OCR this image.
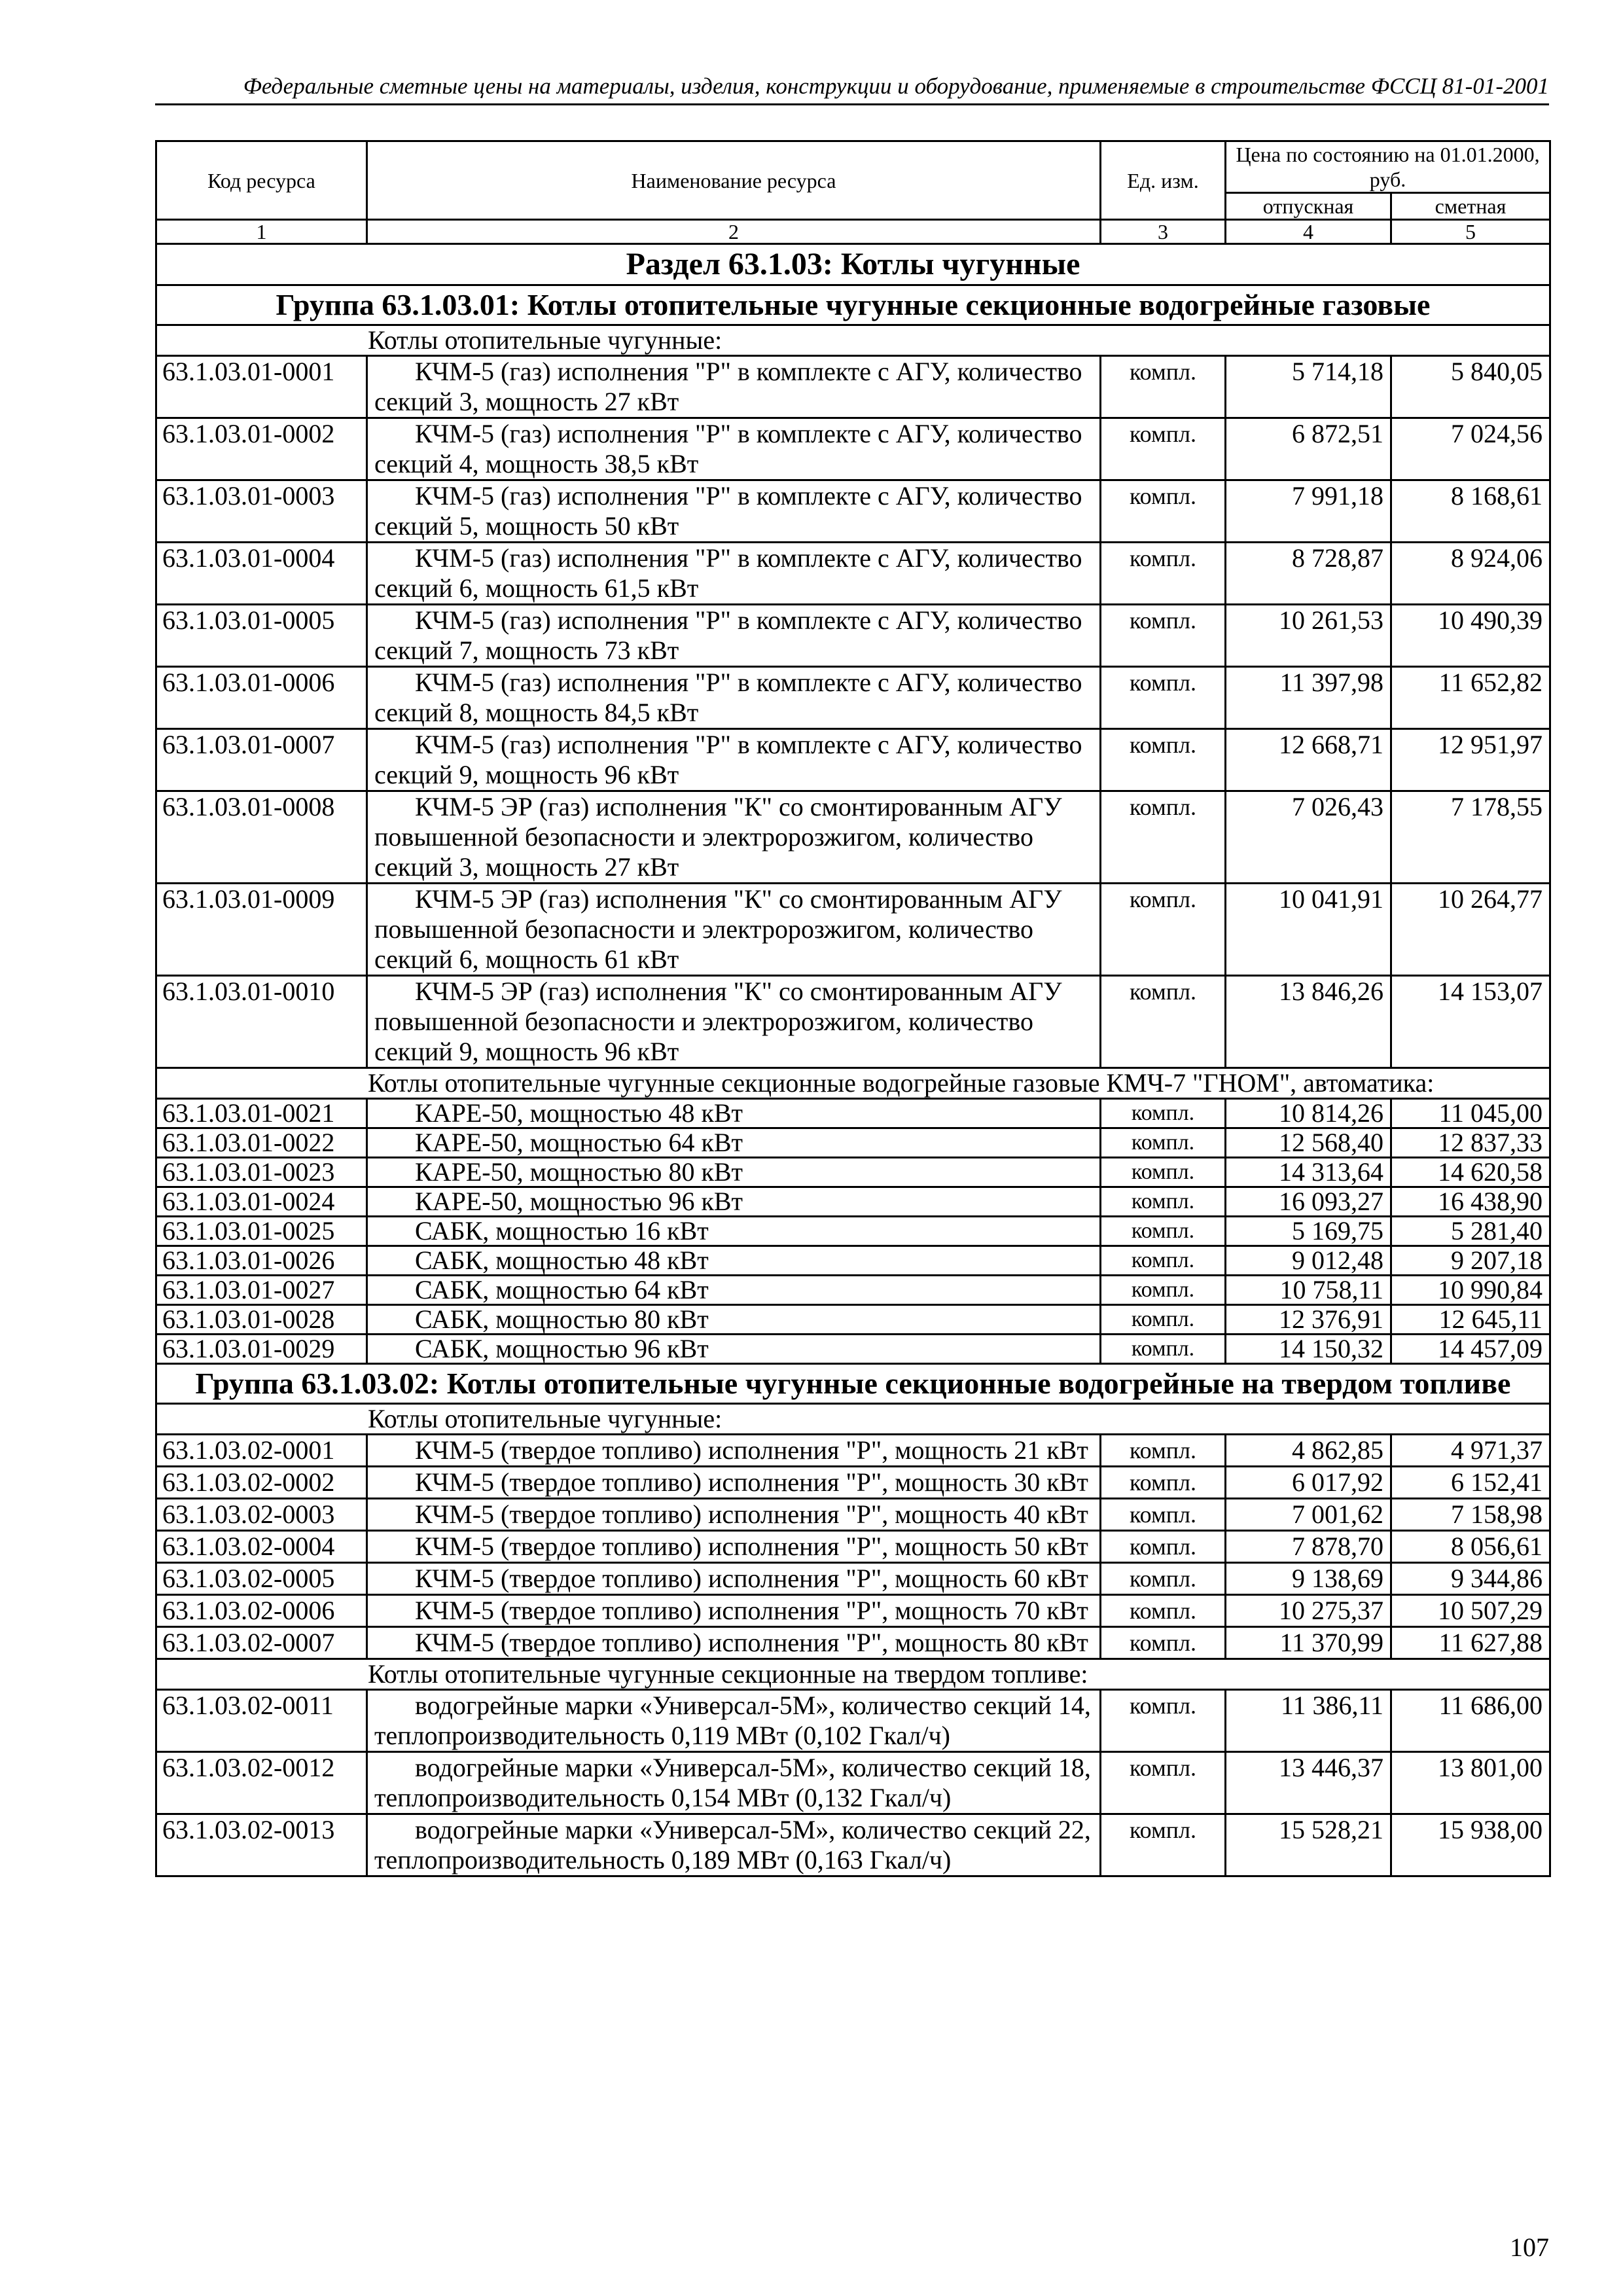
Федеральные сметные цены на материалы, изделия, конструкции и оборудование, применяемые в строительстве ФССЦ 81-01-2001
Код ресурса	Наименование ресурса	Ед. изм.	Цена по состоянию на 01.01.2000, руб.	
			отпускная	сметная
1	2	3	4	5
Раздел 63.1.03: Котлы чугунные				
Группа 63.1.03.01: Котлы отопительные чугунные секционные водогрейные газовые				
Котлы отопительные чугунные:				
63.1.03.01-0001	КЧМ-5 (газ) исполнения "Р" в комплекте с АГУ, количество секций 3, мощность 27 кВт	компл.	5 714,18	5 840,05
63.1.03.01-0002	КЧМ-5 (газ) исполнения "Р" в комплекте с АГУ, количество секций 4, мощность 38,5 кВт	компл.	6 872,51	7 024,56
63.1.03.01-0003	КЧМ-5 (газ) исполнения "Р" в комплекте с АГУ, количество секций 5, мощность 50 кВт	компл.	7 991,18	8 168,61
63.1.03.01-0004	КЧМ-5 (газ) исполнения "Р" в комплекте с АГУ, количество секций 6, мощность 61,5 кВт	компл.	8 728,87	8 924,06
63.1.03.01-0005	КЧМ-5 (газ) исполнения "Р" в комплекте с АГУ, количество секций 7, мощность 73 кВт	компл.	10 261,53	10 490,39
63.1.03.01-0006	КЧМ-5 (газ) исполнения "Р" в комплекте с АГУ, количество секций 8, мощность 84,5 кВт	компл.	11 397,98	11 652,82
63.1.03.01-0007	КЧМ-5 (газ) исполнения "Р" в комплекте с АГУ, количество секций 9, мощность 96 кВт	компл.	12 668,71	12 951,97
63.1.03.01-0008	КЧМ-5 ЭР (газ) исполнения "К" со смонтированным АГУ повышенной безопасности и электророзжигом, количество секций 3, мощность 27 кВт	компл.	7 026,43	7 178,55
63.1.03.01-0009	КЧМ-5 ЭР (газ) исполнения "К" со смонтированным АГУ повышенной безопасности и электророзжигом, количество секций 6, мощность 61 кВт	компл.	10 041,91	10 264,77
63.1.03.01-0010	КЧМ-5 ЭР (газ) исполнения "К" со смонтированным АГУ повышенной безопасности и электророзжигом, количество секций 9, мощность 96 кВт	компл.	13 846,26	14 153,07
Котлы отопительные чугунные секционные водогрейные газовые КМЧ-7 "ГНОМ", автоматика:				
63.1.03.01-0021	КАРЕ-50, мощностью 48 кВт	компл.	10 814,26	11 045,00
63.1.03.01-0022	КАРЕ-50, мощностью 64 кВт	компл.	12 568,40	12 837,33
63.1.03.01-0023	КАРЕ-50, мощностью 80 кВт	компл.	14 313,64	14 620,58
63.1.03.01-0024	КАРЕ-50, мощностью 96 кВт	компл.	16 093,27	16 438,90
63.1.03.01-0025	САБК, мощностью 16 кВт	компл.	5 169,75	5 281,40
63.1.03.01-0026	САБК, мощностью 48 кВт	компл.	9 012,48	9 207,18
63.1.03.01-0027	САБК, мощностью 64 кВт	компл.	10 758,11	10 990,84
63.1.03.01-0028	САБК, мощностью 80 кВт	компл.	12 376,91	12 645,11
63.1.03.01-0029	САБК, мощностью 96 кВт	компл.	14 150,32	14 457,09
Группа 63.1.03.02: Котлы отопительные чугунные секционные водогрейные на твердом топливе				
Котлы отопительные чугунные:				
63.1.03.02-0001	КЧМ-5 (твердое топливо) исполнения "Р", мощность 21 кВт	компл.	4 862,85	4 971,37
63.1.03.02-0002	КЧМ-5 (твердое топливо) исполнения "Р", мощность 30 кВт	компл.	6 017,92	6 152,41
63.1.03.02-0003	КЧМ-5 (твердое топливо) исполнения "Р", мощность 40 кВт	компл.	7 001,62	7 158,98
63.1.03.02-0004	КЧМ-5 (твердое топливо) исполнения "Р", мощность 50 кВт	компл.	7 878,70	8 056,61
63.1.03.02-0005	КЧМ-5 (твердое топливо) исполнения "Р", мощность 60 кВт	компл.	9 138,69	9 344,86
63.1.03.02-0006	КЧМ-5 (твердое топливо) исполнения "Р", мощность 70 кВт	компл.	10 275,37	10 507,29
63.1.03.02-0007	КЧМ-5 (твердое топливо) исполнения "Р", мощность 80 кВт	компл.	11 370,99	11 627,88
Котлы отопительные чугунные секционные на твердом топливе:				
63.1.03.02-0011	водогрейные марки «Универсал-5М», количество секций 14, теплопроизводительность 0,119 МВт (0,102 Гкал/ч)	компл.	11 386,11	11 686,00
63.1.03.02-0012	водогрейные марки «Универсал-5М», количество секций 18, теплопроизводительность 0,154 МВт (0,132 Гкал/ч)	компл.	13 446,37	13 801,00
63.1.03.02-0013	водогрейные марки «Универсал-5М», количество секций 22, теплопроизводительность 0,189 МВт (0,163 Гкал/ч)	компл.	15 528,21	15 938,00
107
